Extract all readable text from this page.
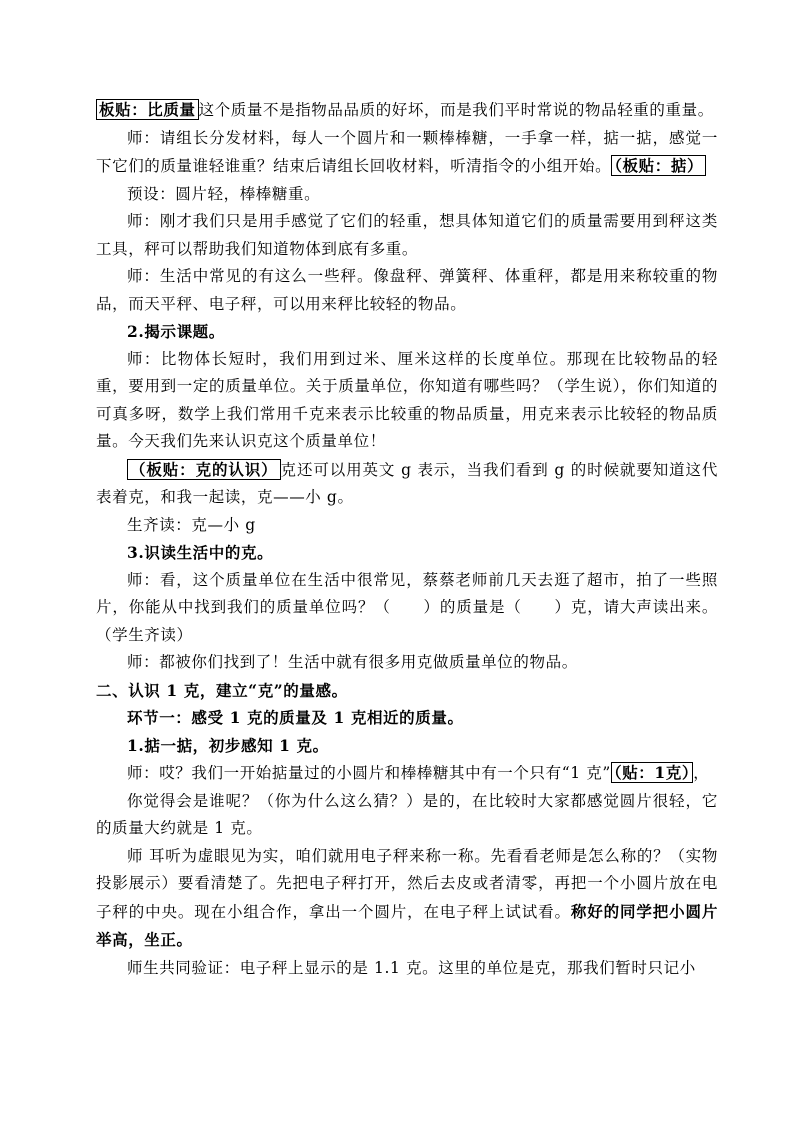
板贴：比质量 这个质量不是指物品品质的好坏，而是我们平时常说的物品轻重的重量。

师：请组长分发材料，每人一个圆片和一颗棒棒糖，一手拿一样，掂一掂，感觉一下它们的质量谁轻谁重？结束后请组长回收材料，听清指令的小组开始。 （板贴：掂）

预设：圆片轻，棒棒糖重。

师：刚才我们只是用手感觉了它们的轻重，想具体知道它们的质量需要用到秤这类工具，秤可以帮助我们知道物体到底有多重。

师：生活中常见的有这么一些秤。像盘秤、弹簧秤、体重秤，都是用来称较重的物品，而天平秤、电子秤，可以用来秤比较轻的物品。

2.揭示课题。

师：比物体长短时，我们用到过米、厘米这样的长度单位。那现在比较物品的轻重，要用到一定的质量单位。关于质量单位，你知道有哪些吗？（学生说），你们知道的可真多呀，数学上我们常用千克来表示比较重的物品质量，用克来表示比较轻的物品质量。今天我们先来认识克这个质量单位！

（板贴：克的认识） 克还可以用英文 g 表示，当我们看到 g 的时候就要知道这代表着克，和我一起读，克——小 g。

生齐读：克—小 g

3.识读生活中的克。

师：看，这个质量单位在生活中很常见，蔡蔡老师前几天去逛了超市，拍了一些照片，你能从中找到我们的质量单位吗？（　　）的质量是（　　）克，请大声读出来。（学生齐读）

师：都被你们找到了！生活中就有很多用克做质量单位的物品。

二、认识 1 克，建立“克”的量感。

环节一：感受 1 克的质量及 1 克相近的质量。

1.掂一掂，初步感知 1 克。

师：哎？我们一开始掂量过的小圆片和棒棒糖其中有一个只有“1 克” （贴：1克） ，

你觉得会是谁呢？（你为什么这么猜？）是的，在比较时大家都感觉圆片很轻，它的质量大约就是 1 克。

师 耳听为虚眼见为实，咱们就用电子秤来称一称。先看看老师是怎么称的？（实物投影展示）要看清楚了。先把电子秤打开，然后去皮或者清零，再把一个小圆片放在电子秤的中央。现在小组合作，拿出一个圆片，在电子秤上试试看。称好的同学把小圆片举高，坐正。

师生共同验证：电子秤上显示的是 1.1 克。这里的单位是克，那我们暂时只记小
